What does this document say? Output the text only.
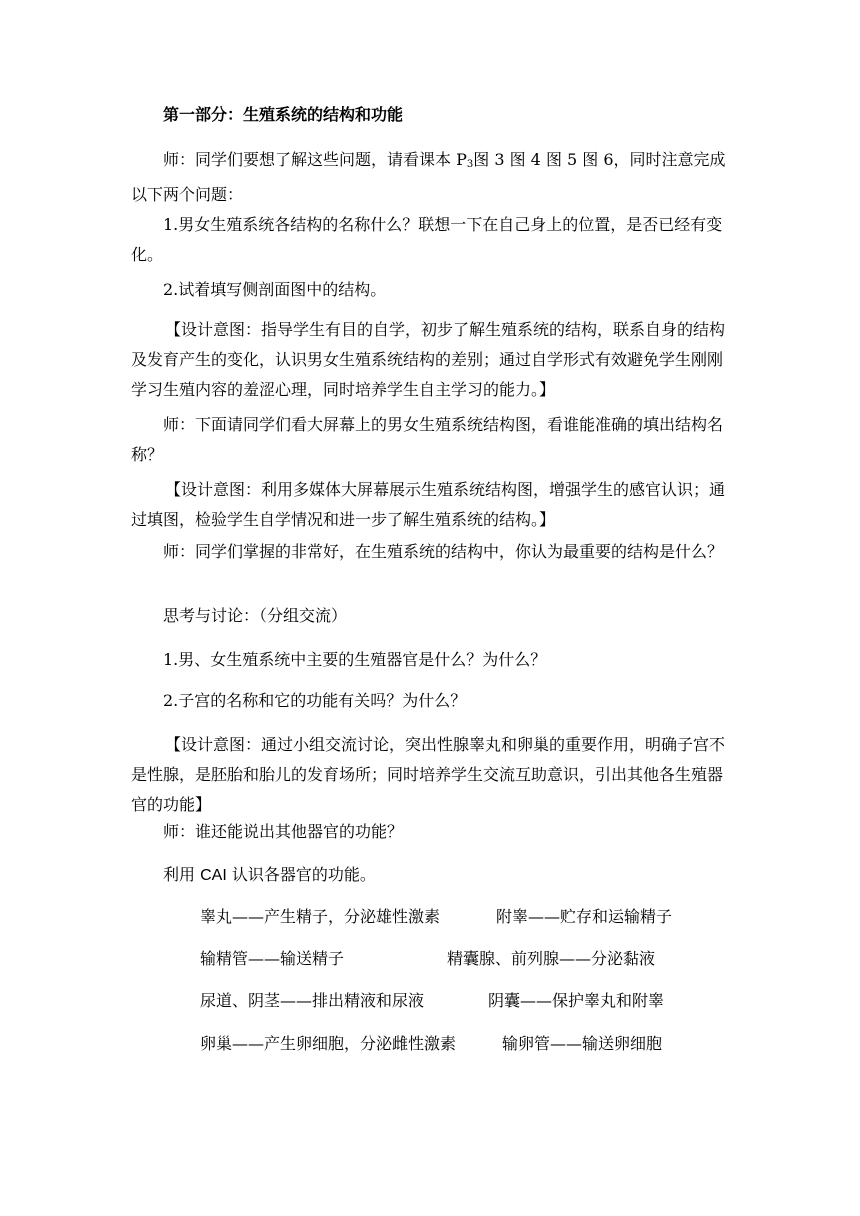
第一部分：生殖系统的结构和功能

师：同学们要想了解这些问题，请看课本 $P_3$图 3 图 4 图 5 图 6，同时注意完成以下两个问题：

1.男女生殖系统各结构的名称什么？联想一下在自己身上的位置，是否已经有变化。

2.试着填写侧剖面图中的结构。

【设计意图：指导学生有目的自学，初步了解生殖系统的结构，联系自身的结构及发育产生的变化，认识男女生殖系统结构的差别；通过自学形式有效避免学生刚刚学习生殖内容的羞涩心理，同时培养学生自主学习的能力。】

师：下面请同学们看大屏幕上的男女生殖系统结构图，看谁能准确的填出结构名称？

【设计意图：利用多媒体大屏幕展示生殖系统结构图，增强学生的感官认识；通过填图，检验学生自学情况和进一步了解生殖系统的结构。】

师：同学们掌握的非常好，在生殖系统的结构中，你认为最重要的结构是什么？

思考与讨论：（分组交流）

1.男、女生殖系统中主要的生殖器官是什么？为什么？

2.子宫的名称和它的功能有关吗？为什么？

【设计意图：通过小组交流讨论，突出性腺睾丸和卵巢的重要作用，明确子宫不是性腺，是胚胎和胎儿的发育场所；同时培养学生交流互助意识，引出其他各生殖器官的功能】

师：谁还能说出其他器官的功能？

利用 CAI 认识各器官的功能。

睾丸——产生精子，分泌雄性激素	附睾——贮存和运输精子
输精管——输送精子	精囊腺、前列腺——分泌黏液
尿道、阴茎——排出精液和尿液	阴囊——保护睾丸和附睾
卵巢——产生卵细胞，分泌雌性激素	输卵管——输送卵细胞
